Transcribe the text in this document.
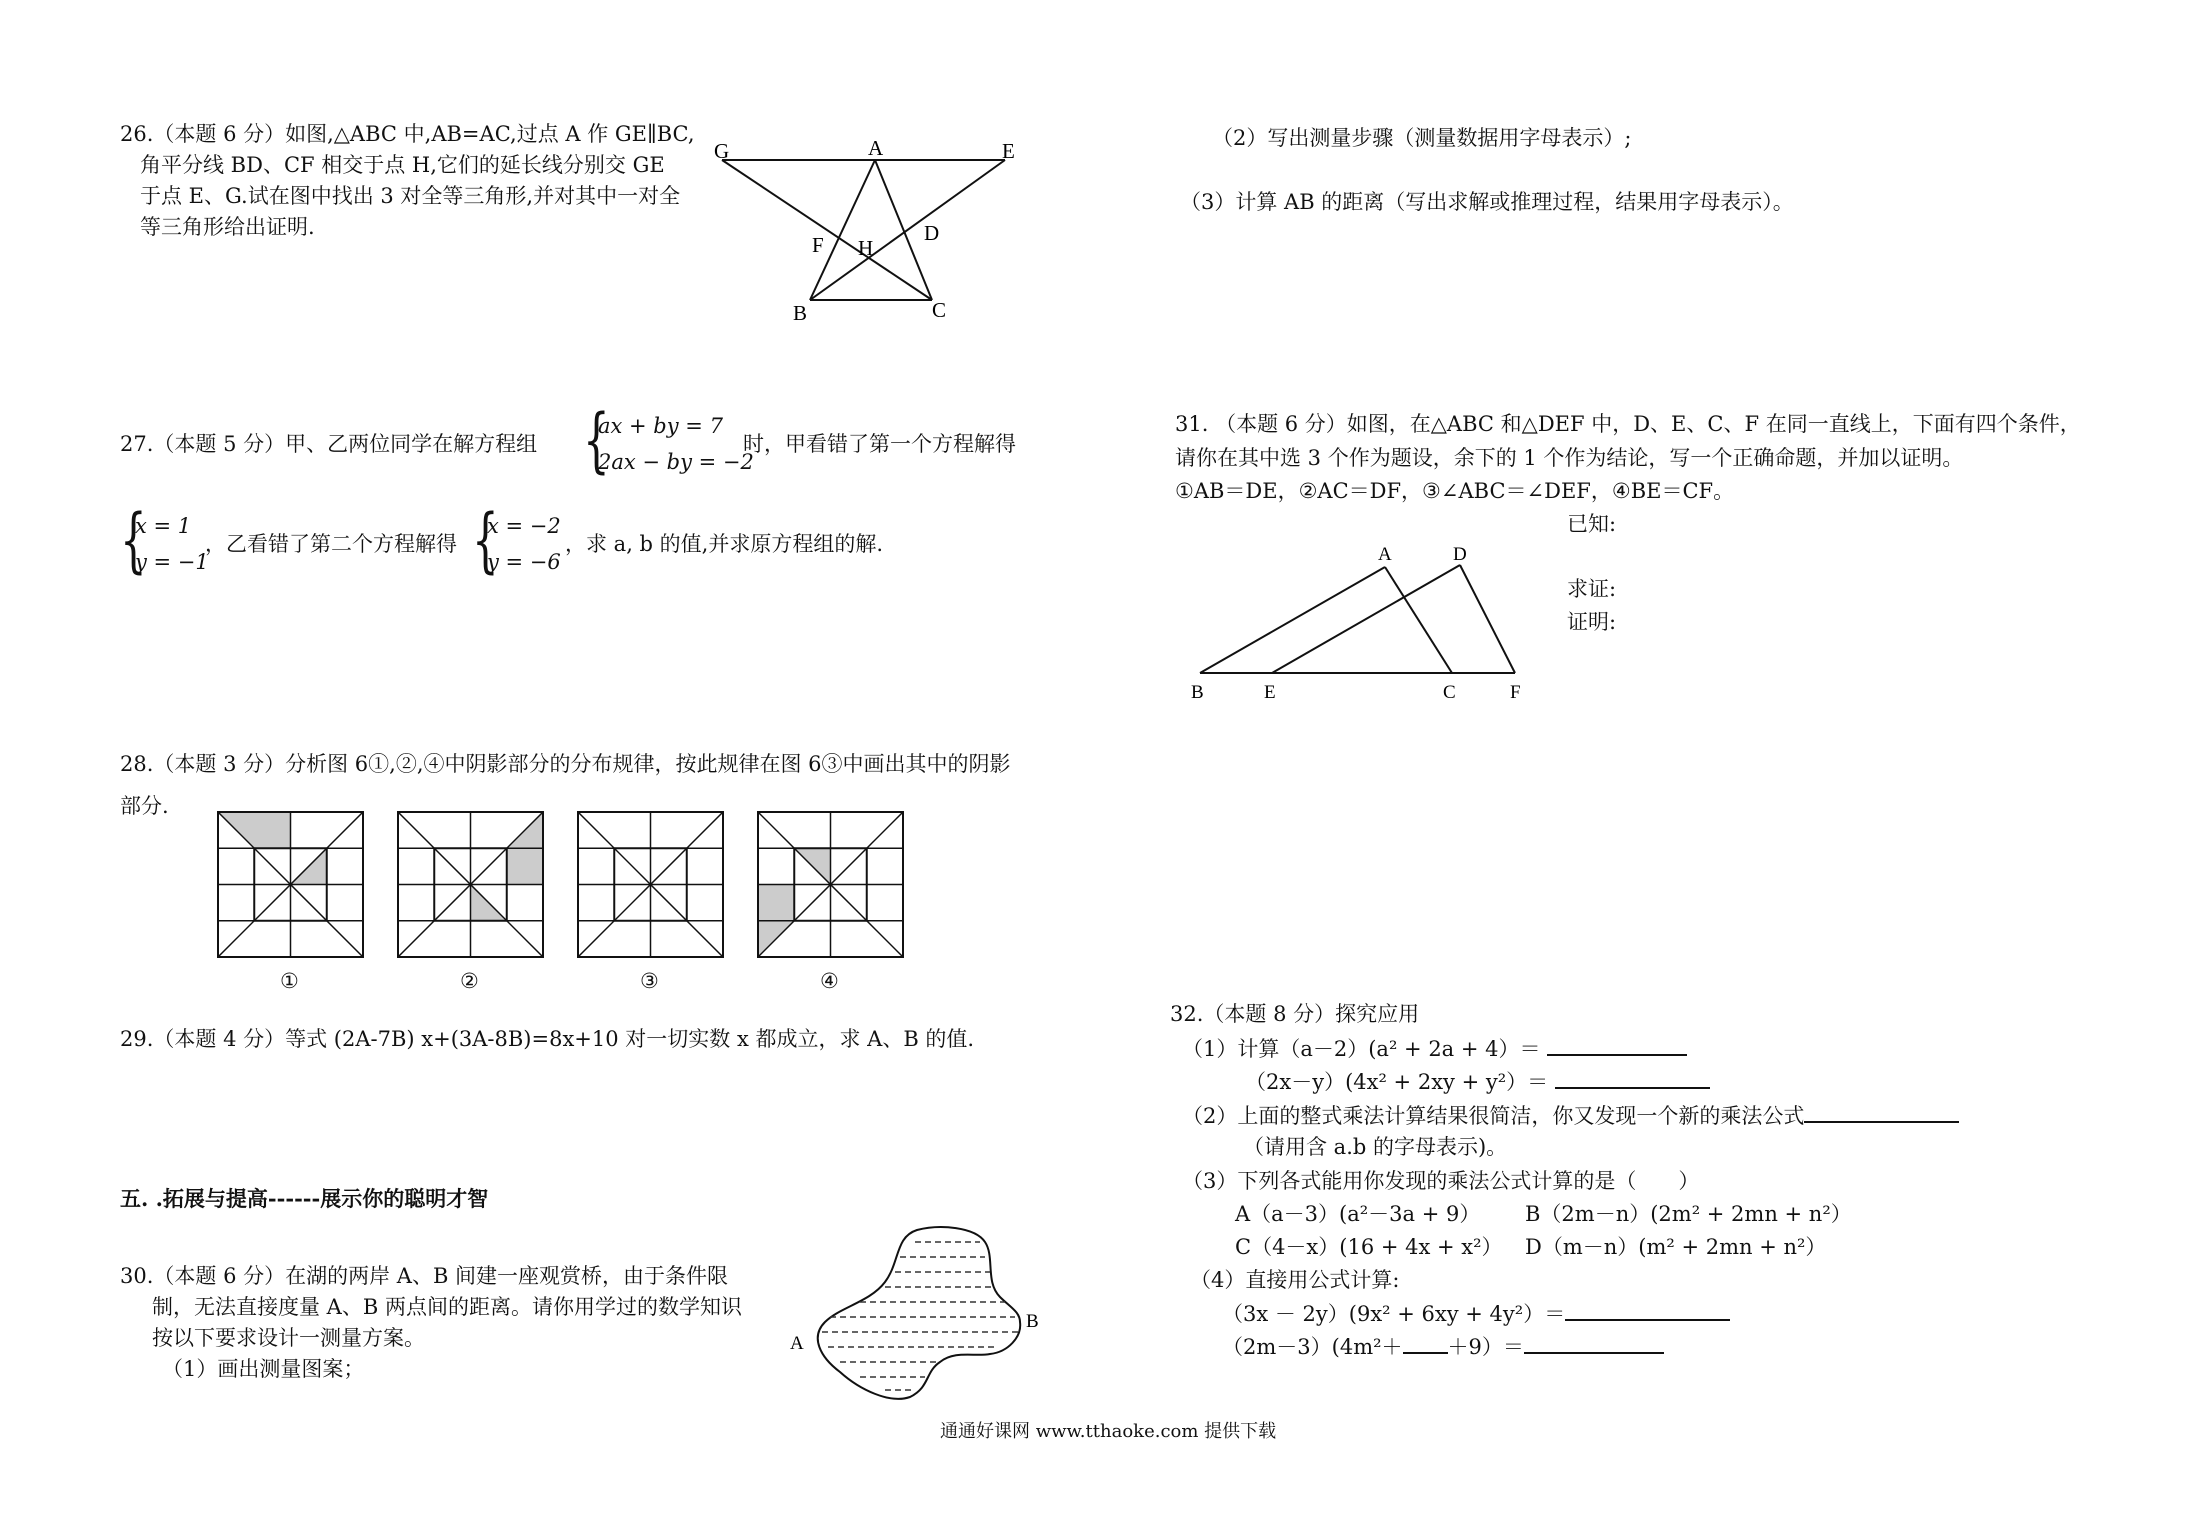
26.（本题 6 分）如图,△ABC 中,AB=AC,过点 A 作 GE∥BC,
角平分线 BD、CF 相交于点 H,它们的延长线分别交 GE
于点 E、G.试在图中找出 3 对全等三角形,并对其中一对全
等三角形给出证明.
G	A	E
D
F H
B	C
27.（本题 5 分）甲、乙两位同学在解方程组 {
ax + by = 7
2ax − by = −2
时，甲看错了第一个方程解得
{
x = 1
y = −1
，乙看错了第二个方程解得 {
x = −2
y = −6
，求 a, b 的值,并求原方程组的解.
28.（本题 3 分）分析图 6①,②,④中阴影部分的分布规律，按此规律在图 6③中画出其中的阴影
部分.
①	②	③	④
29.（本题 4 分）等式 (2A-7B) x+(3A-8B)=8x+10 对一切实数 x 都成立，求 A、B 的值.
五. .拓展与提高------展示你的聪明才智
30.（本题 6 分）在湖的两岸 A、B 间建一座观赏桥，由于条件限
制，无法直接度量 A、B 两点间的距离。请你用学过的数学知识
按以下要求设计一测量方案。
（1）画出测量图案；
A
B
（2）写出测量步骤（测量数据用字母表示）;
（3）计算 AB 的距离（写出求解或推理过程，结果用字母表示）。
31. （本题 6 分）如图，在△ABC 和△DEF 中，D、E、C、F 在同一直线上，下面有四个条件，
请你在其中选 3 个作为题设，余下的 1 个作为结论，写一个正确命题，并加以证明。
①AB＝DE，②AC＝DF，③∠ABC＝∠DEF，④BE＝CF。
已知:
求证:
证明:
A	D
B	E	C	F
32.（本题 8 分）探究应用
（1）计算（a－2）(a² + 2a + 4）＝
（2x－y）(4x² + 2xy + y²）＝
（2）上面的整式乘法计算结果很简洁，你又发现一个新的乘法公式
（请用含 a.b 的字母表示)。
（3）下列各式能用你发现的乘法公式计算的是（　　）
A（a－3）(a²－3a + 9） B（2m－n）(2m² + 2mn + n²）
C（4－x）(16 + 4x + x²） D（m－n）(m² + 2mn + n²）
（4）直接用公式计算:
（3x － 2y）(9x² + 6xy + 4y²）＝
（2m－3）(4m²＋ ＋9）＝
通通好课网 www.tthaoke.com 提供下载
